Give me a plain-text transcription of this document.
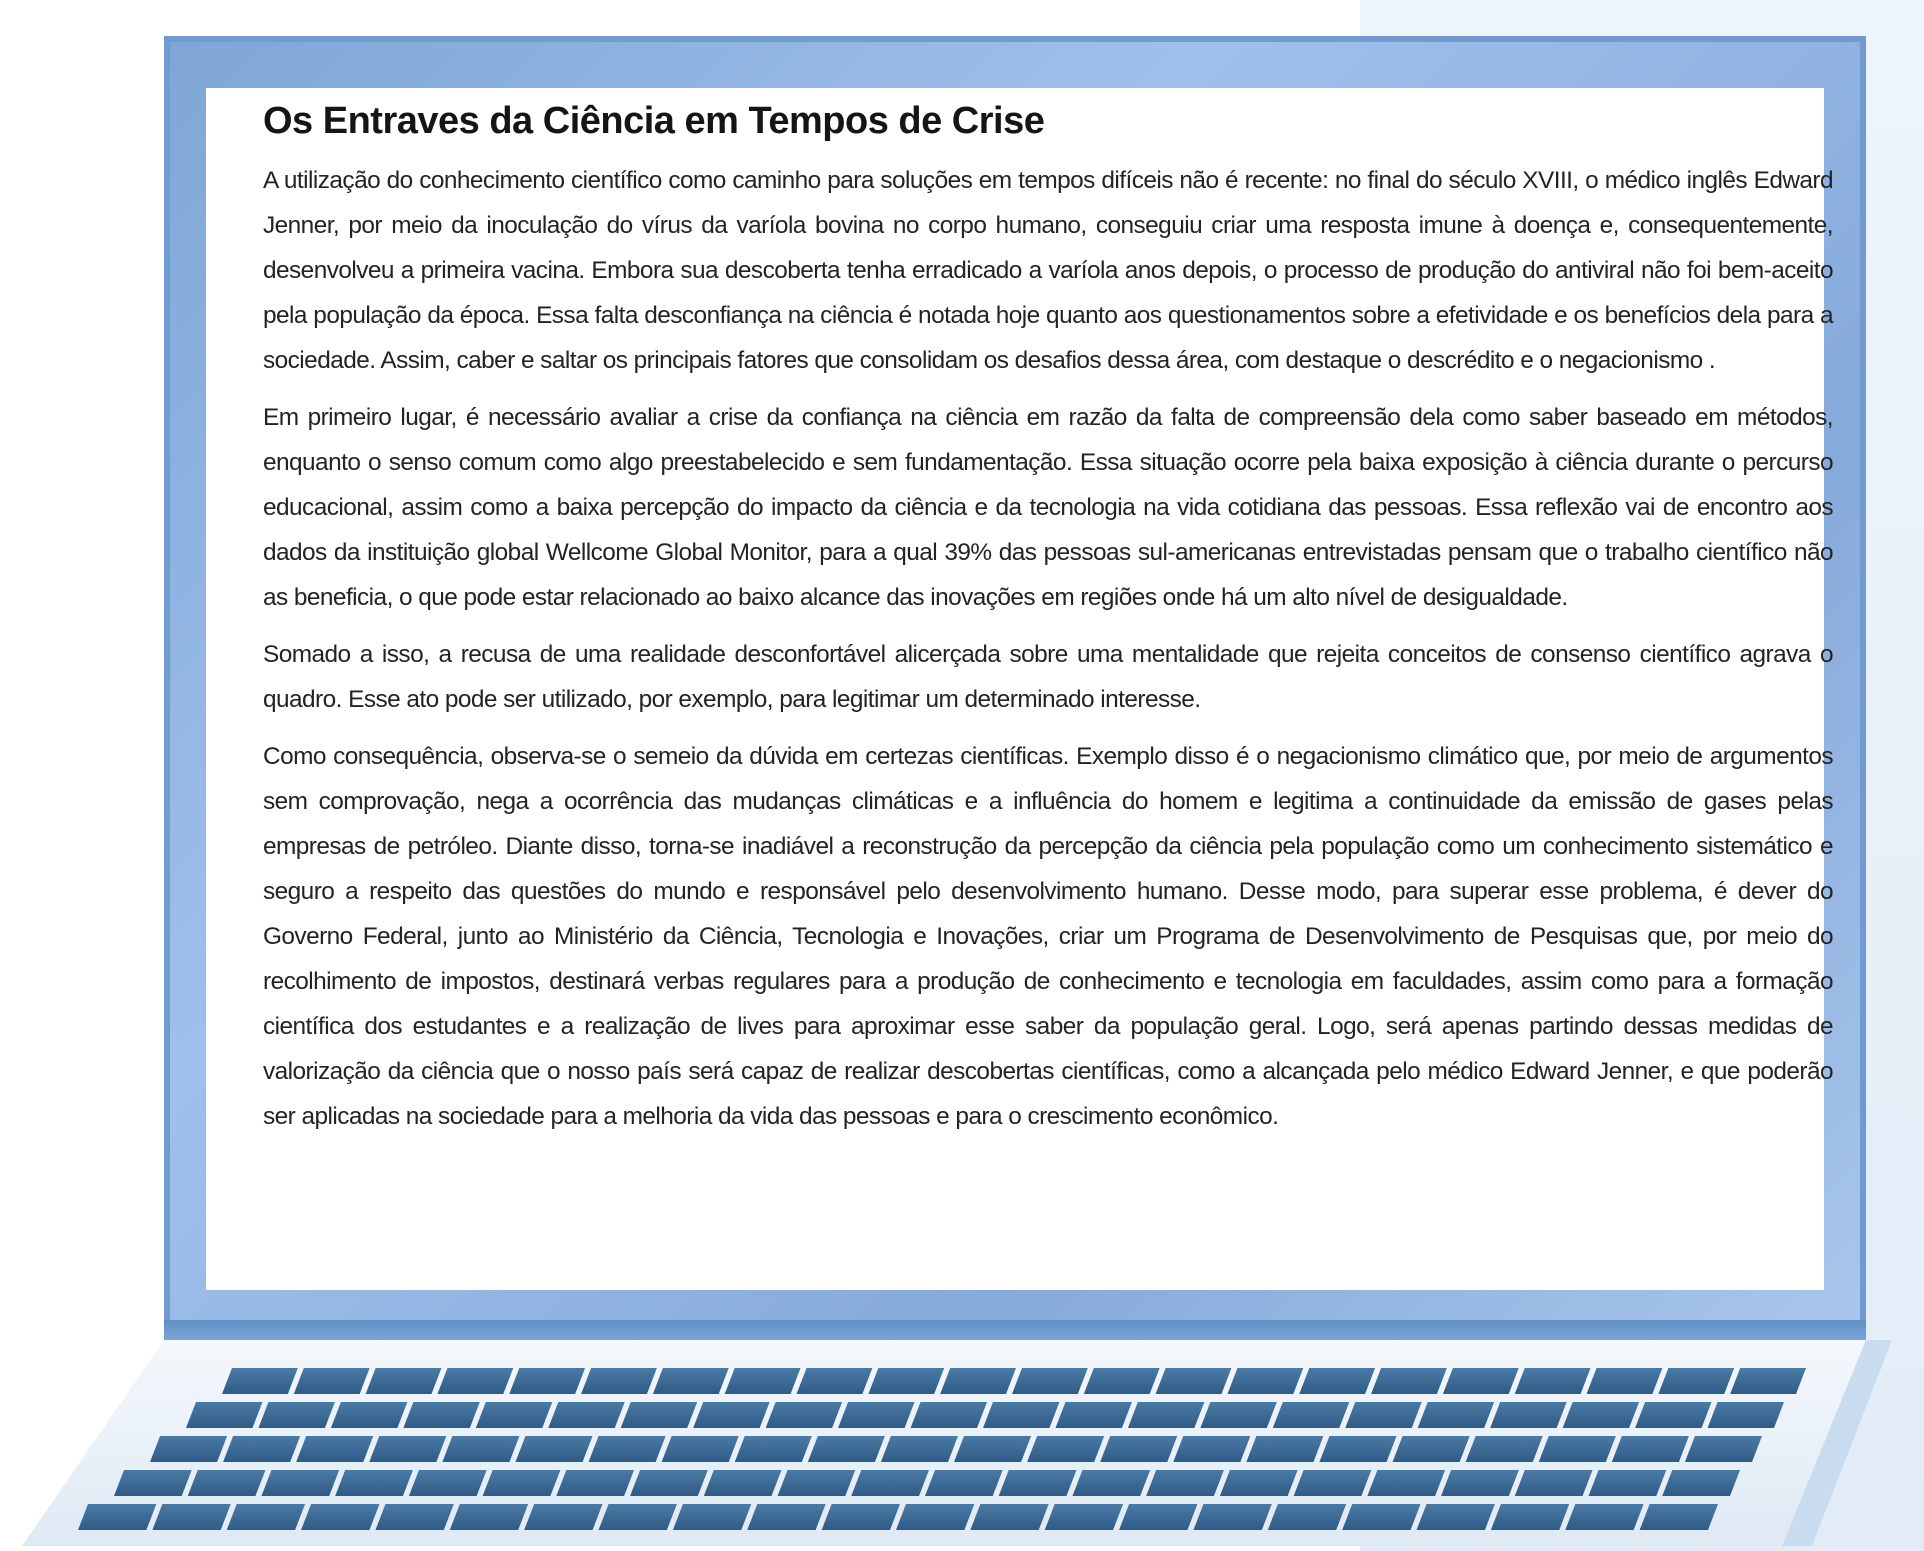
Os Entraves da Ciência em Tempos de Crise

A utilização do conhecimento científico como caminho para soluções em tempos difíceis não é recente: no final do século XVIII, o médico inglês Edward Jenner, por meio da inoculação do vírus da varíola bovina no corpo humano, conseguiu criar uma resposta imune à doença e, consequentemente, desenvolveu a primeira vacina. Embora sua descoberta tenha erradicado a varíola anos depois, o processo de produção do antiviral não foi bem-aceito pela população da época. Essa falta desconfiança na ciência é notada hoje quanto aos questionamentos sobre a efetividade e os benefícios dela para a sociedade. Assim, caber e saltar os principais fatores que consolidam os desafios dessa área, com destaque o descrédito e o negacionismo .

Em primeiro lugar, é necessário avaliar a crise da confiança na ciência em razão da falta de compreensão dela como saber baseado em métodos, enquanto o senso comum como algo preestabelecido e sem fundamentação. Essa situação ocorre pela baixa exposição à ciência durante o percurso educacional, assim como a baixa percepção do impacto da ciência e da tecnologia na vida cotidiana das pessoas. Essa reflexão vai de encontro aos dados da instituição global Wellcome Global Monitor, para a qual 39% das pessoas sul-americanas entrevistadas pensam que o trabalho científico não as beneficia, o que pode estar relacionado ao baixo alcance das inovações em regiões onde há um alto nível de desigualdade.

Somado a isso, a recusa de uma realidade desconfortável alicerçada sobre uma mentalidade que rejeita conceitos de consenso científico agrava o quadro. Esse ato pode ser utilizado, por exemplo, para legitimar um determinado interesse.

Como consequência, observa-se o semeio da dúvida em certezas científicas. Exemplo disso é o negacionismo climático que, por meio de argumentos sem comprovação, nega a ocorrência das mudanças climáticas e a influência do homem e legitima a continuidade da emissão de gases pelas empresas de petróleo. Diante disso, torna-se inadiável a reconstrução da percepção da ciência pela população como um conhecimento sistemático e seguro a respeito das questões do mundo e responsável pelo desenvolvimento humano. Desse modo, para superar esse problema, é dever do Governo Federal, junto ao Ministério da Ciência, Tecnologia e Inovações, criar um Programa de Desenvolvimento de Pesquisas que, por meio do recolhimento de impostos, destinará verbas regulares para a produção de conhecimento e tecnologia em faculdades, assim como para a formação científica dos estudantes e a realização de lives para aproximar esse saber da população geral. Logo, será apenas partindo dessas medidas de valorização da ciência que o nosso país será capaz de realizar descobertas científicas, como a alcançada pelo médico Edward Jenner, e que poderão ser aplicadas na sociedade para a melhoria da vida das pessoas e para o crescimento econômico.
